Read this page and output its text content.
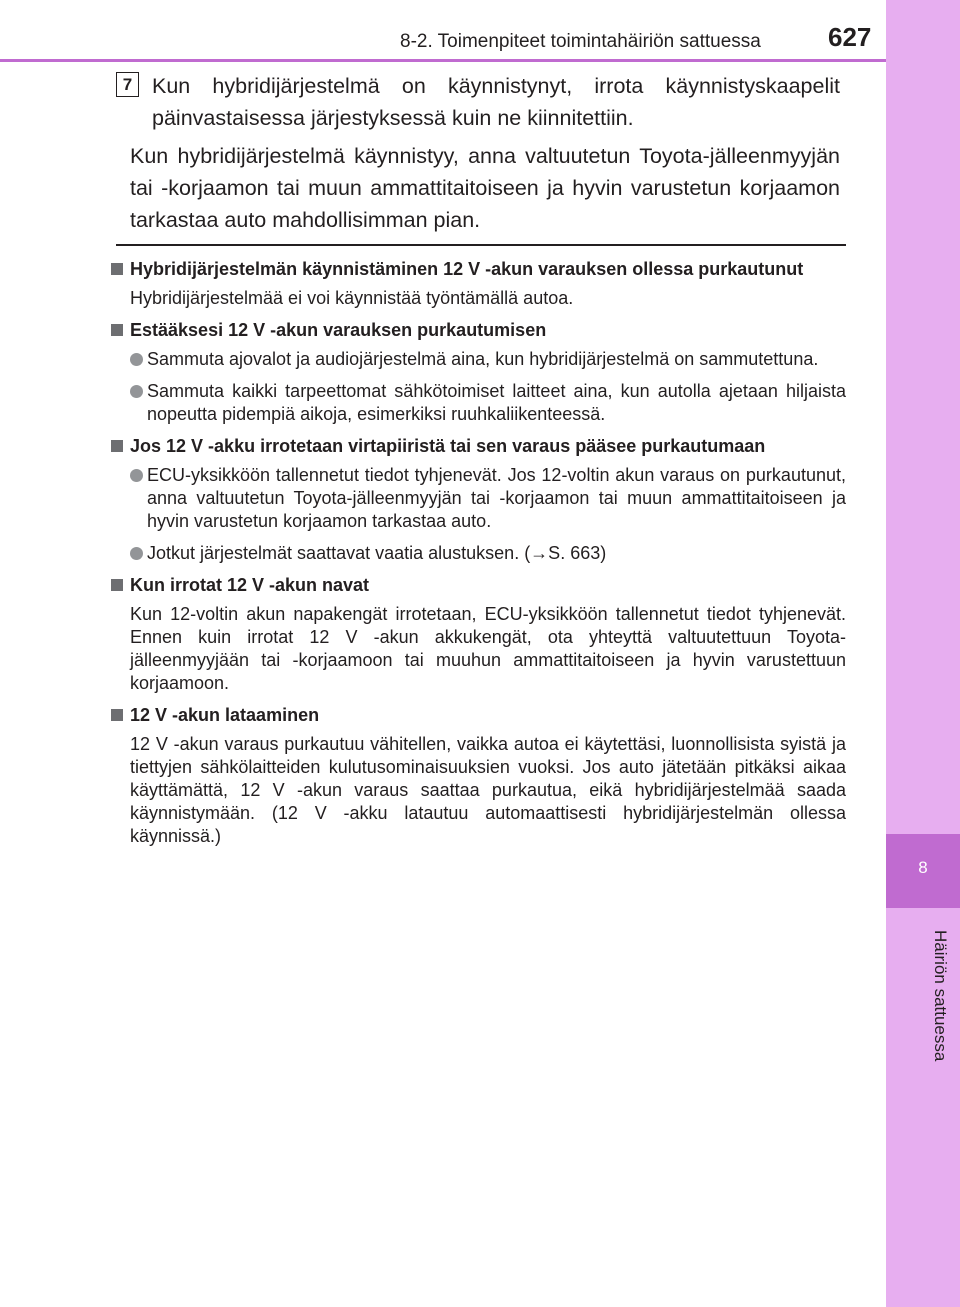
8
Häiriön sattuessa
8-2. Toimenpiteet toimintahäiriön sattuessa	627
7 Kun hybridijärjestelmä on käynnistynyt, irrota käynnistyskaapelit päinvastaisessa järjestyksessä kuin ne kiinnitettiin.
Kun hybridijärjestelmä käynnistyy, anna valtuutetun Toyota-jälleenmyyjän tai -korjaamon tai muun ammattitaitoiseen ja hyvin varustetun korjaamon tarkastaa auto mahdollisimman pian.
Hybridijärjestelmän käynnistäminen 12 V -akun varauksen ollessa purkautunut
Hybridijärjestelmää ei voi käynnistää työntämällä autoa.
Estääksesi 12 V -akun varauksen purkautumisen
Sammuta ajovalot ja audiojärjestelmä aina, kun hybridijärjestelmä on sammutettuna.
Sammuta kaikki tarpeettomat sähkötoimiset laitteet aina, kun autolla ajetaan hiljaista nopeutta pidempiä aikoja, esimerkiksi ruuhkaliikenteessä.
Jos 12 V -akku irrotetaan virtapiiristä tai sen varaus pääsee purkautumaan
ECU-yksikköön tallennetut tiedot tyhjenevät. Jos 12-voltin akun varaus on purkautunut, anna valtuutetun Toyota-jälleenmyyjän tai -korjaamon tai muun ammattitaitoiseen ja hyvin varustetun korjaamon tarkastaa auto.
Jotkut järjestelmät saattavat vaatia alustuksen. (→S. 663)
Kun irrotat 12 V -akun navat
Kun 12-voltin akun napakengät irrotetaan, ECU-yksikköön tallennetut tiedot tyhjenevät. Ennen kuin irrotat 12 V -akun akkukengät, ota yhteyttä valtuutettuun Toyota-jälleenmyyjään tai -korjaamoon tai muuhun ammattitaitoiseen ja hyvin varustettuun korjaamoon.
12 V -akun lataaminen
12 V -akun varaus purkautuu vähitellen, vaikka autoa ei käytettäsi, luonnollisista syistä ja tiettyjen sähkölaitteiden kulutusominaisuuksien vuoksi. Jos auto jätetään pitkäksi aikaa käyttämättä, 12 V -akun varaus saattaa purkautua, eikä hybridijärjestelmää saada käynnistymään. (12 V -akku latautuu automaattisesti hybridijärjestelmän ollessa käynnissä.)
